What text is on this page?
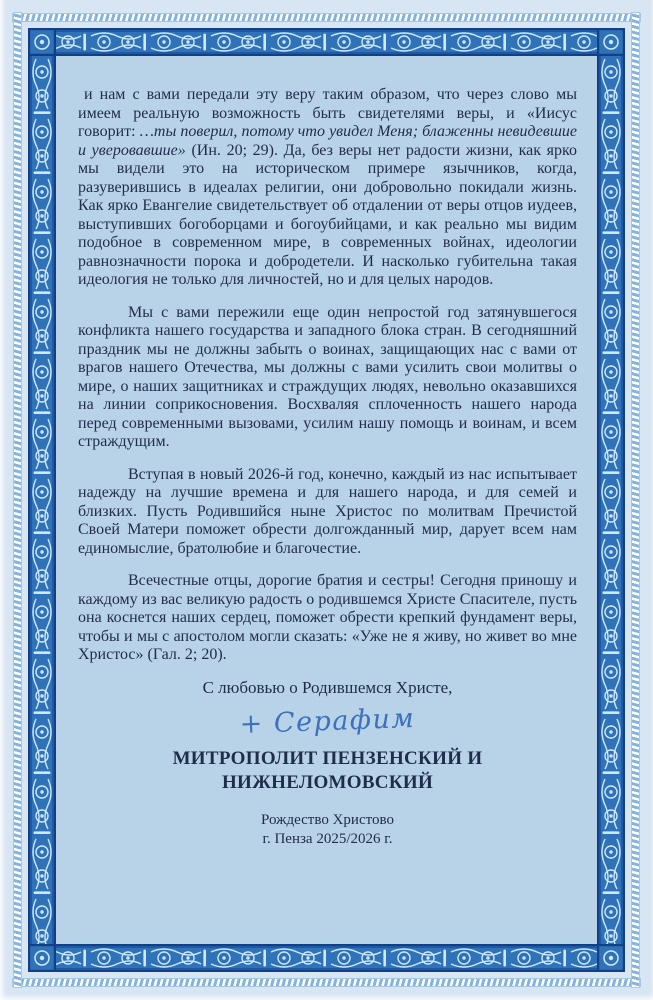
и нам с вами передали эту веру таким образом, что через слово мы имеем реальную возможность быть свидетелями веры, и «Иисус говорит: …ты поверил, потому что увидел Меня; блаженны невидевшие и уверовавшие» (Ин. 20; 29). Да, без веры нет радости жизни, как ярко мы видели это на историческом примере язычников, когда, разуверившись в идеалах религии, они добровольно покидали жизнь. Как ярко Евангелие свидетельствует об отдалении от веры отцов иудеев, выступивших богоборцами и богоубийцами, и как реально мы видим подобное в современном мире, в современных войнах, идеологии равнозначности порока и добродетели. И насколько губительна такая идеология не только для личностей, но и для целых народов.

Мы с вами пережили еще один непростой год затянувшегося конфликта нашего государства и западного блока стран. В сегодняшний праздник мы не должны забыть о воинах, защищающих нас с вами от врагов нашего Отечества, мы должны с вами усилить свои молитвы о мире, о наших защитниках и страждущих людях, невольно оказавшихся на линии соприкосновения. Восхваляя сплоченность нашего народа перед современными вызовами, усилим нашу помощь и воинам, и всем страждущим.

Вступая в новый 2026-й год, конечно, каждый из нас испытывает надежду на лучшие времена и для нашего народа, и для семей и близких. Пусть Родившийся ныне Христос по молитвам Пречистой Своей Матери поможет обрести долгожданный мир, дарует всем нам единомыслие, братолюбие и благочестие.

Всечестные отцы, дорогие братия и сестры! Сегодня приношу и каждому из вас великую радость о родившемся Христе Спасителе, пусть она коснется наших сердец, поможет обрести крепкий фундамент веры, чтобы и мы с апостолом могли сказать: «Уже не я живу, но живет во мне Христос» (Гал. 2; 20).

С любовью о Родившемся Христе,
+ Серафим
МИТРОПОЛИТ ПЕНЗЕНСКИЙ И
НИЖНЕЛОМОВСКИЙ
Рождество Христово
г. Пенза 2025/2026 г.
